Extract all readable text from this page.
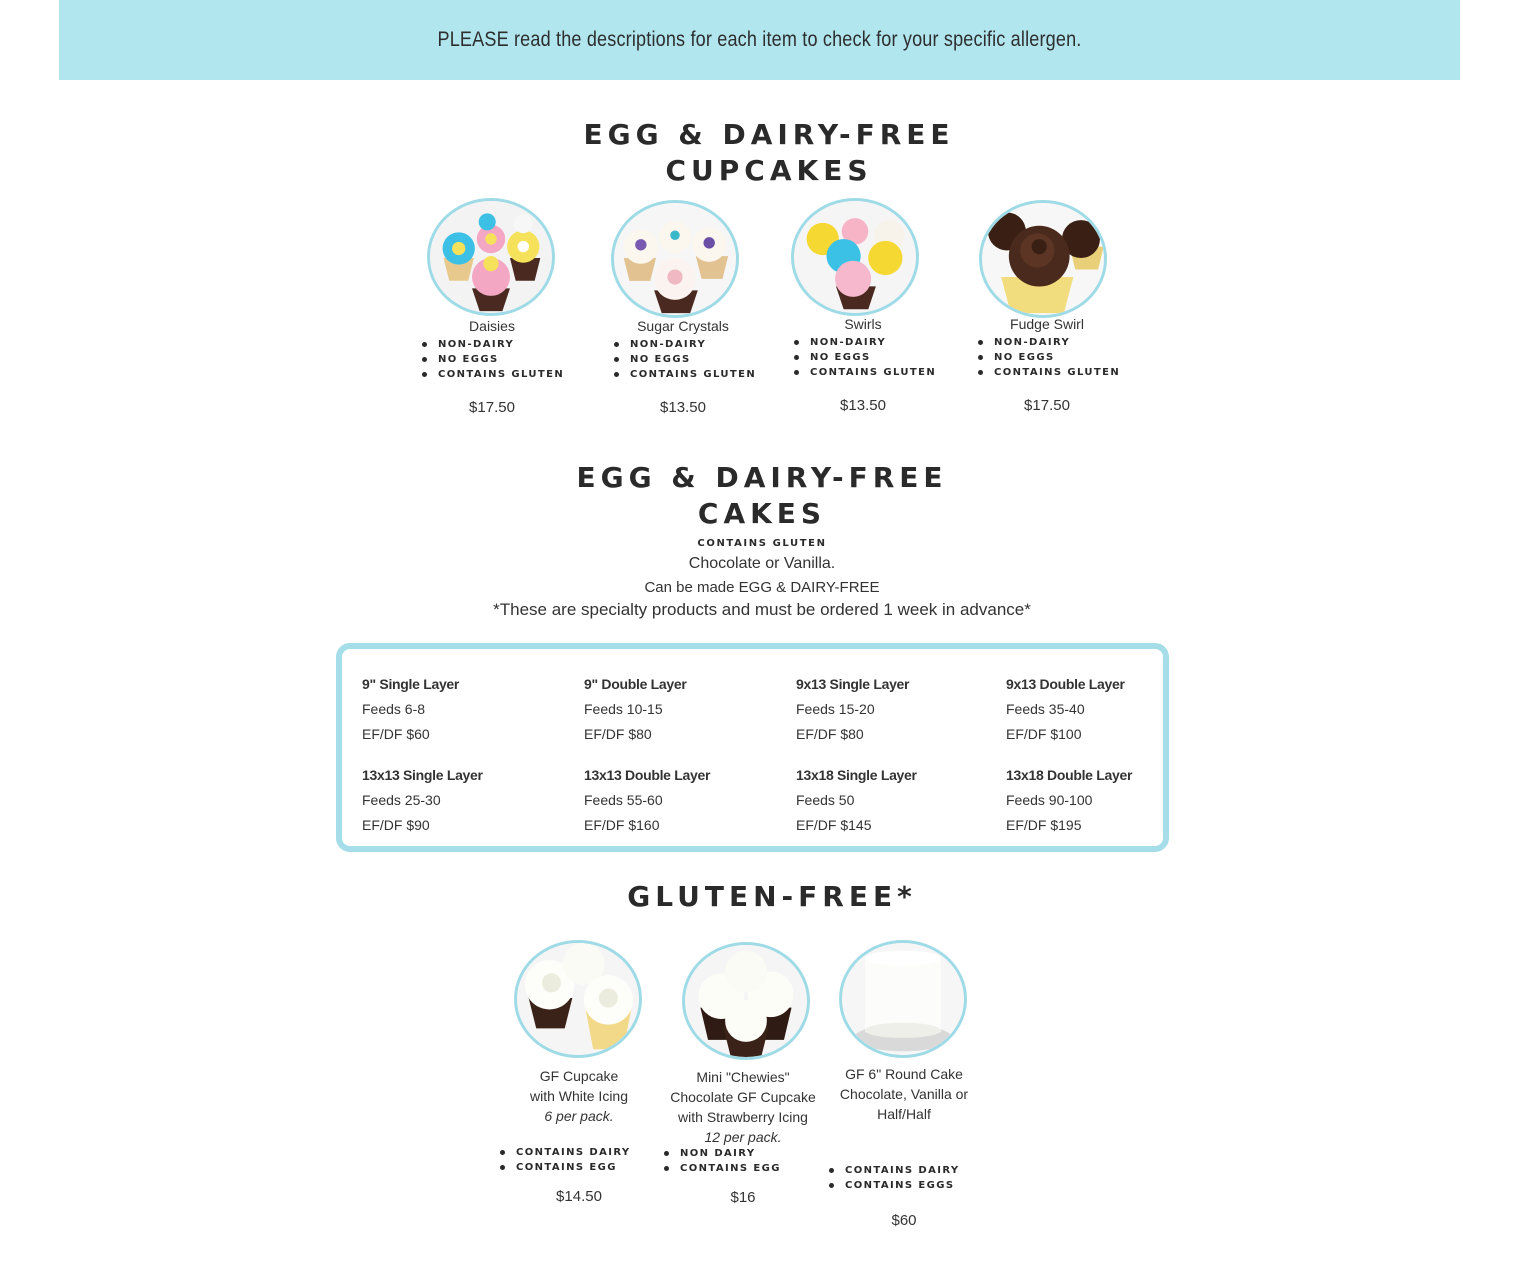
PLEASE read the descriptions for each item to check for your specific allergen.
EGG & DAIRY-FREE
CUPCAKES
Daisies
NON-DAIRY
NO EGGS
CONTAINS GLUTEN
$17.50
Sugar Crystals
NON-DAIRY
NO EGGS
CONTAINS GLUTEN
$13.50
Swirls
NON-DAIRY
NO EGGS
CONTAINS GLUTEN
$13.50
Fudge Swirl
NON-DAIRY
NO EGGS
CONTAINS GLUTEN
$17.50
EGG & DAIRY-FREE
CAKES
CONTAINS GLUTEN
Chocolate or Vanilla.
Can be made EGG & DAIRY-FREE
*These are specialty products and must be ordered 1 week in advance*
9" Single Layer
Feeds 6-8
EF/DF $60
9" Double Layer
Feeds 10-15
EF/DF $80
9x13 Single Layer
Feeds 15-20
EF/DF $80
9x13 Double Layer
Feeds 35-40
EF/DF $100
13x13 Single Layer
Feeds 25-30
EF/DF $90
13x13 Double Layer
Feeds 55-60
EF/DF $160
13x18 Single Layer
Feeds 50
EF/DF $145
13x18 Double Layer
Feeds 90-100
EF/DF $195
GLUTEN-FREE*
GF Cupcake
with White Icing
6 per pack.
CONTAINS DAIRY
CONTAINS EGG
$14.50
Mini "Chewies"
Chocolate GF Cupcake
with Strawberry Icing
12 per pack.
NON DAIRY
CONTAINS EGG
$16
GF 6" Round Cake
Chocolate, Vanilla or
Half/Half
CONTAINS DAIRY
CONTAINS EGGS
$60
